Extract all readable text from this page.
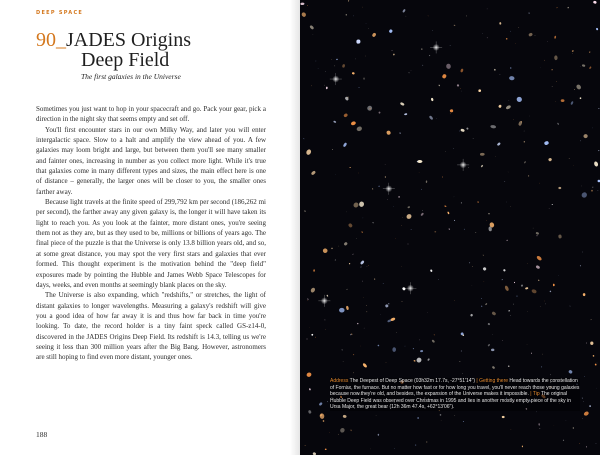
DEEP SPACE
90_JADES Origins
Deep Field
The first galaxies in the Universe

Sometimes you just want to hop in your spacecraft and go. Pack your gear, pick a direction in the night sky that seems empty and set off.

You'll first encounter stars in our own Milky Way, and later you will enter intergalactic space. Slow to a halt and amplify the view ahead of you. A few galaxies may loom bright and large, but between them you'll see many smaller and fainter ones, increasing in number as you collect more light. While it's true that galaxies come in many different types and sizes, the main effect here is one of distance – generally, the larger ones will be closer to you, the smaller ones farther away.

Because light travels at the finite speed of 299,792 km per second (186,262 mi per second), the farther away any given galaxy is, the longer it will have taken its light to reach you. As you look at the fainter, more distant ones, you're seeing them not as they are, but as they used to be, millions or billions of years ago. The final piece of the puzzle is that the Universe is only 13.8 billion years old, and so, at some great distance, you may spot the very first stars and galaxies that ever formed. This thought experiment is the motivation behind the "deep field" exposures made by pointing the Hubble and James Webb Space Telescopes for days, weeks, and even months at seemingly blank places on the sky.

The Universe is also expanding, which "redshifts," or stretches, the light of distant galaxies to longer wavelengths. Measuring a galaxy's redshift will give you a good idea of how far away it is and thus how far back in time you're looking. To date, the record holder is a tiny faint speck called GS-z14-0, discovered in the JADES Origins Deep Field. Its redshift is 14.3, telling us we're seeing it less than 300 million years after the Big Bang. However, astronomers are still hoping to find even more distant, younger ones.

188
Address The Deepest of Deep Space (03h32m 17.7s, -27°51'14") | Getting there Head towards the constellation of Fornax, the furnace. But no matter how fast or for how long you travel, you'll never reach those young galaxies because now they're old, and besides, the expansion of the Universe makes it impossible. | Tip The original Hubble Deep Field was observed over Christmas in 1995 and lies in another mostly empty piece of the sky in Ursa Major, the great bear (12h 36m 47.4s, +62°13'06").
